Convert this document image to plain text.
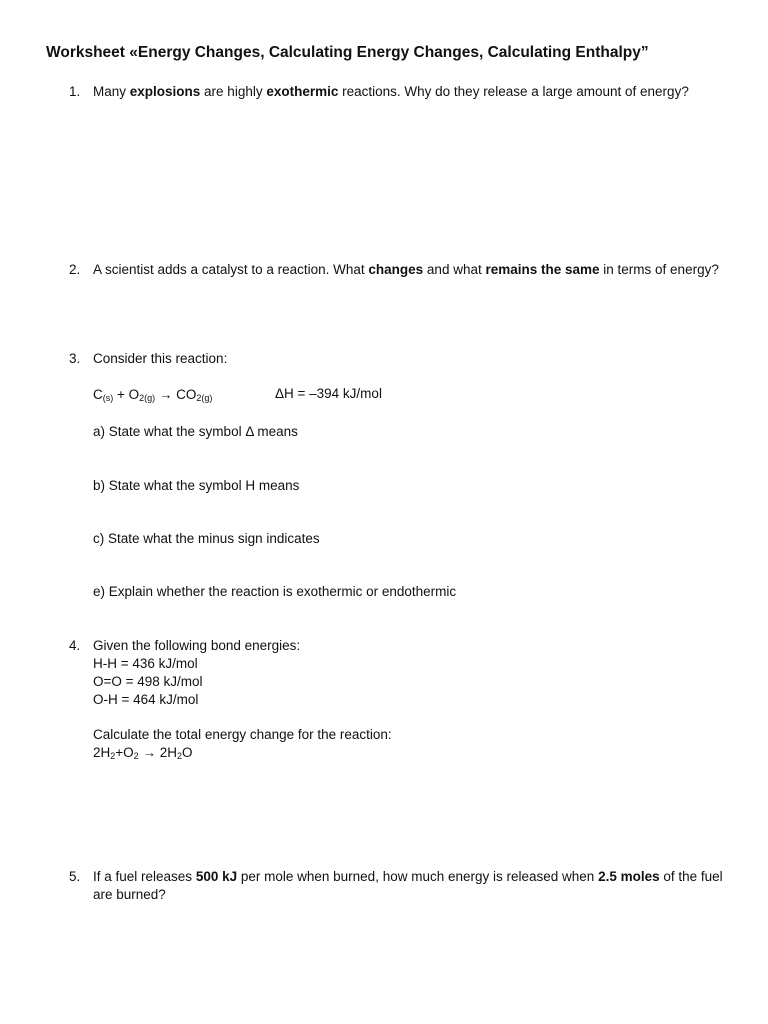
Worksheet «Energy Changes, Calculating Energy Changes, Calculating Enthalpy”
1. Many explosions are highly exothermic reactions. Why do they release a large amount of energy?
2. A scientist adds a catalyst to a reaction. What changes and what remains the same in terms of energy?
3. Consider this reaction:
$C_{(s)} + O_{2(g)} \to CO_{2(g)}$	ΔH = –394 kJ/mol
a) State what the symbol Δ means
b) State what the symbol H means
c) State what the minus sign indicates
e) Explain whether the reaction is exothermic or endothermic
4. Given the following bond energies:
H-H = 436 kJ/mol
O=O = 498 kJ/mol
O-H = 464 kJ/mol
Calculate the total energy change for the reaction:
$2H_2+O_2 \to 2H_2O$
5. If a fuel releases 500 kJ per mole when burned, how much energy is released when 2.5 moles of the fuel are burned?
